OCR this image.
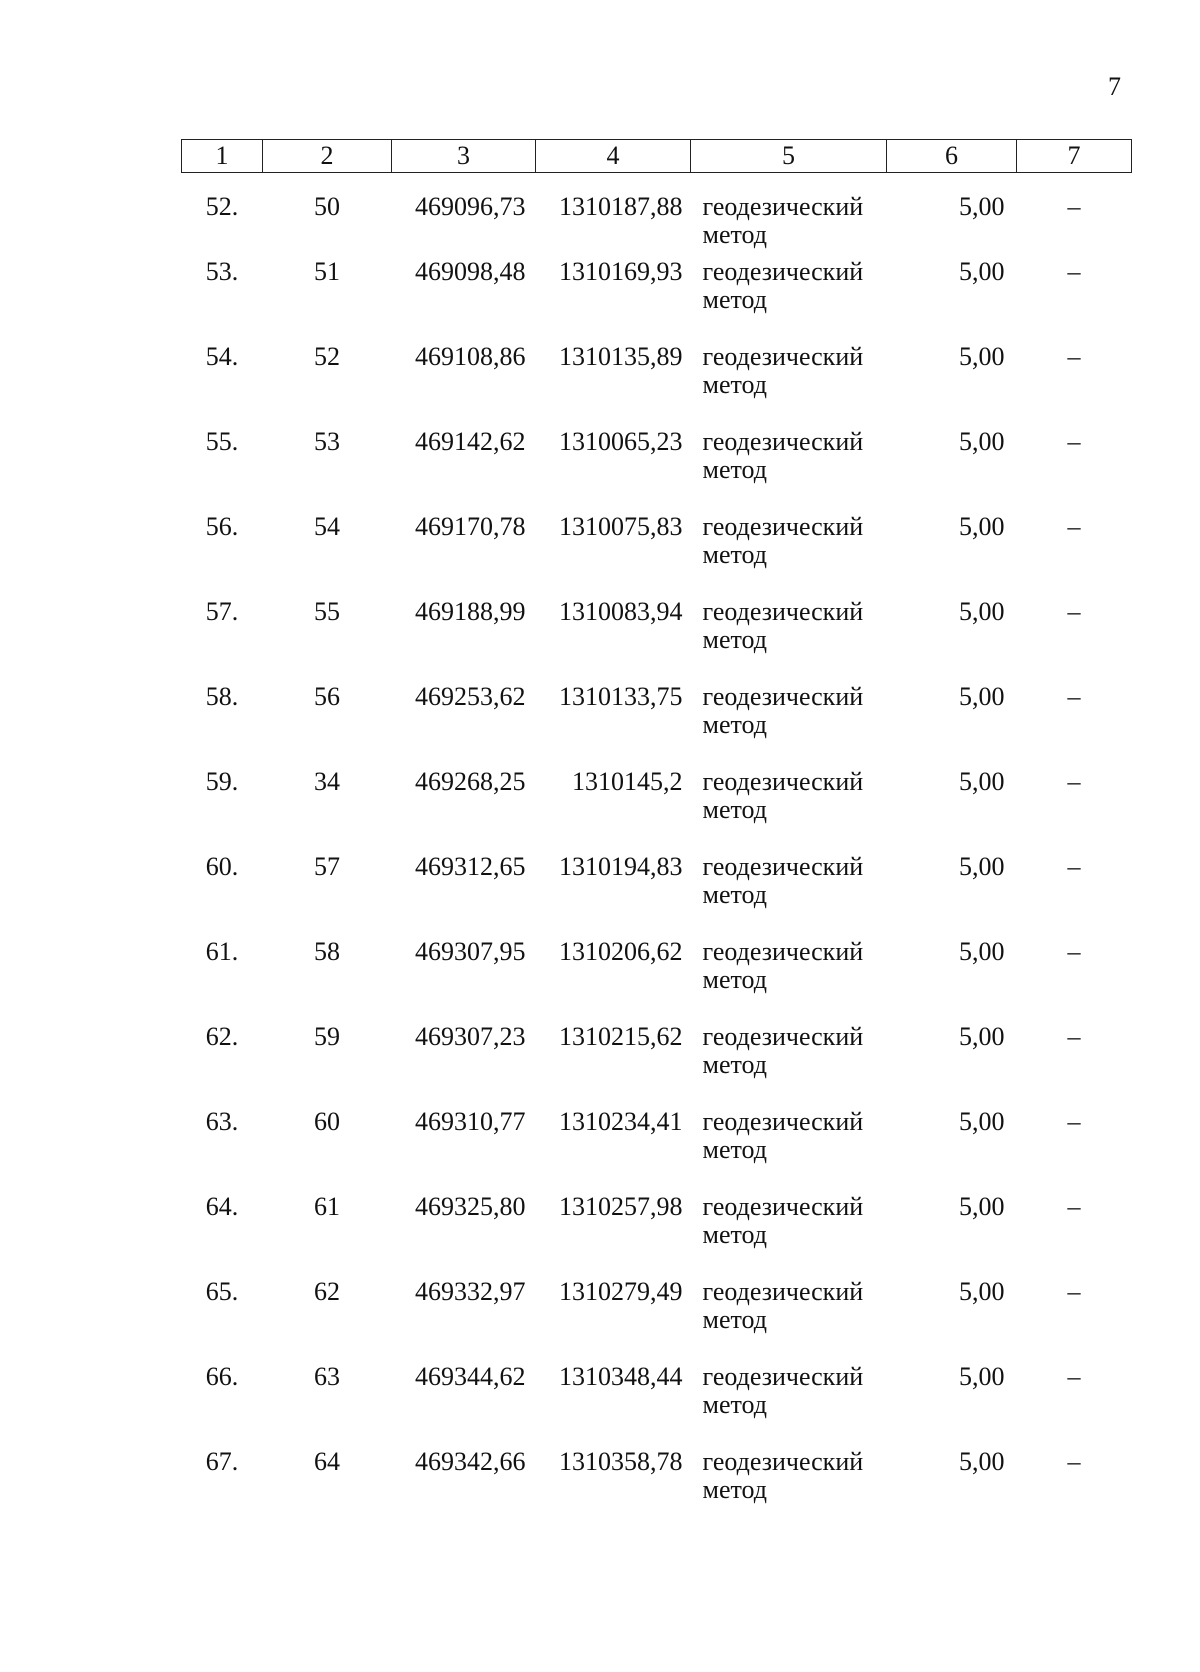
7
1	2	3	4	5	6	7
52.	50	469096,73	1310187,88	геодезический метод	5,00	–
53.	51	469098,48	1310169,93	геодезический метод	5,00	–
54.	52	469108,86	1310135,89	геодезический метод	5,00	–
55.	53	469142,62	1310065,23	геодезический метод	5,00	–
56.	54	469170,78	1310075,83	геодезический метод	5,00	–
57.	55	469188,99	1310083,94	геодезический метод	5,00	–
58.	56	469253,62	1310133,75	геодезический метод	5,00	–
59.	34	469268,25	1310145,2	геодезический метод	5,00	–
60.	57	469312,65	1310194,83	геодезический метод	5,00	–
61.	58	469307,95	1310206,62	геодезический метод	5,00	–
62.	59	469307,23	1310215,62	геодезический метод	5,00	–
63.	60	469310,77	1310234,41	геодезический метод	5,00	–
64.	61	469325,80	1310257,98	геодезический метод	5,00	–
65.	62	469332,97	1310279,49	геодезический метод	5,00	–
66.	63	469344,62	1310348,44	геодезический метод	5,00	–
67.	64	469342,66	1310358,78	геодезический метод	5,00	–
